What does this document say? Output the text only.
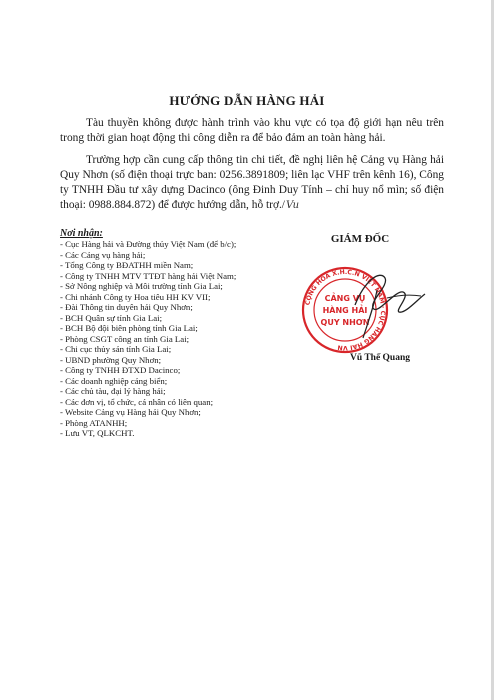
HƯỚNG DẪN HÀNG HẢI

Tàu thuyền không được hành trình vào khu vực có tọa độ giới hạn nêu trên trong thời gian hoạt động thi công diễn ra để bảo đảm an toàn hàng hải.

Trường hợp cần cung cấp thông tin chi tiết, đề nghị liên hệ Cảng vụ Hàng hải Quy Nhơn (số điện thoại trực ban: 0256.3891809; liên lạc VHF trên kênh 16), Công ty TNHH Đầu tư xây dựng Dacinco (ông Đinh Duy Tính – chỉ huy nổ mìn; số điện thoại: 0988.884.872) để được hướng dẫn, hỗ trợ./Vu

Nơi nhận:
- Cục Hàng hải và Đường thủy Việt Nam (để b/c);
- Các Cảng vụ hàng hải;
- Tổng Công ty BĐATHH miền Nam;
- Công ty TNHH MTV TTĐT hàng hải Việt Nam;
- Sở Nông nghiệp và Môi trường tỉnh Gia Lai;
- Chi nhánh Công ty Hoa tiêu HH KV VII;
- Đài Thông tin duyên hải Quy Nhơn;
- BCH Quân sự tỉnh Gia Lai;
- BCH Bộ đội biên phòng tỉnh Gia Lai;
- Phòng CSGT công an tỉnh Gia Lai;
- Chi cục thủy sản tỉnh Gia Lai;
- UBND phường Quy Nhơn;
- Công ty TNHH ĐTXD Dacinco;
- Các doanh nghiệp cảng biển;
- Các chủ tàu, đại lý hàng hải;
- Các đơn vị, tổ chức, cá nhân có liên quan;
- Website Cảng vụ Hàng hải Quy Nhơn;
- Phòng ATANHH;
- Lưu VT, QLKCHT.
GIÁM ĐỐC
CỘNG HÒA X.H.C.N VIỆT NAM · CỤC HÀNG HẢI VN
CẢNG VỤ
HÀNG HẢI
QUY NHƠN
Vũ Thế Quang
